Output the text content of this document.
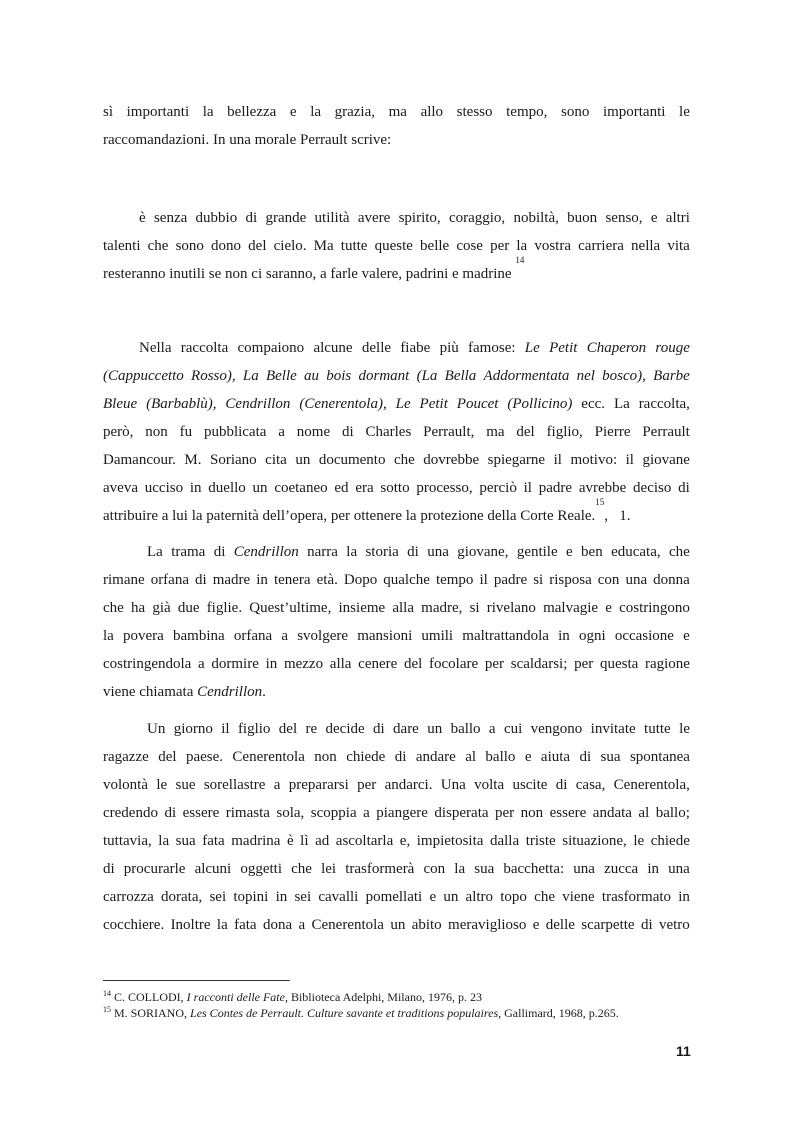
sì importanti la bellezza e la grazia, ma allo stesso tempo, sono importanti le
raccomandazioni. In una morale Perrault scrive:
è senza dubbio di grande utilità avere spirito, coraggio, nobiltà, buon senso, e altri
talenti che sono dono del cielo. Ma tutte queste belle cose per la vostra carriera nella vita
resteranno inutili se non ci saranno, a farle valere, padrini e madrine

14
Nella raccolta compaiono alcune delle fiabe più famose: Le Petit Chaperon rouge
(Cappuccetto Rosso), La Belle au bois dormant (La Bella Addormentata nel bosco), Barbe
Bleue (Barbablù), Cendrillon (Cenerentola), Le Petit Poucet (Pollicino) ecc. La raccolta,
però, non fu pubblicata a nome di Charles Perrault, ma del figlio, Pierre Perrault
Damancour. M. Soriano cita un documento che dovrebbe spiegarne il motivo: il giovane
aveva ucciso in duello un coetaneo ed era sotto processo, perciò il padre avrebbe deciso di
attribuire a lui la paternità dell’opera, per ottenere la protezione della Corte Reale.
15
,   1.
La trama di Cendrillon narra la storia di una giovane, gentile e ben educata, che
rimane orfana di madre in tenera età. Dopo qualche tempo il padre si risposa con una donna
che ha già due figlie. Quest’ultime, insieme alla madre, si rivelano malvagie e costringono
la povera bambina orfana a svolgere mansioni umili maltrattandola in ogni occasione e
costringendola a dormire in mezzo alla cenere del focolare per scaldarsi; per questa ragione
viene chiamata Cendrillon .
Un giorno il figlio del re decide di dare un ballo a cui vengono invitate tutte le
ragazze del paese. Cenerentola non chiede di andare al ballo e aiuta di sua spontanea
volontà le sue sorellastre a prepararsi per andarci. Una volta uscite di casa, Cenerentola,
credendo di essere rimasta sola, scoppia a piangere disperata per non essere andata al ballo;
tuttavia, la sua fata madrina è lì ad ascoltarla e, impietosita dalla triste situazione, le chiede
di procurarle alcuni oggetti che lei trasformerà con la sua bacchetta: una zucca in una
carrozza dorata, sei topini in sei cavalli pomellati e un altro topo che viene trasformato in
cocchiere. Inoltre la fata dona a Cenerentola un abito meraviglioso e delle scarpette di vetro
$^{14}$ C. COLLODI, I racconti delle Fate, Biblioteca Adelphi, Milano, 1976, p. 23
$^{15}$ M. SORIANO, Les Contes de Perrault. Culture savante et traditions populaires, Gallimard, 1968, p.265.
11
